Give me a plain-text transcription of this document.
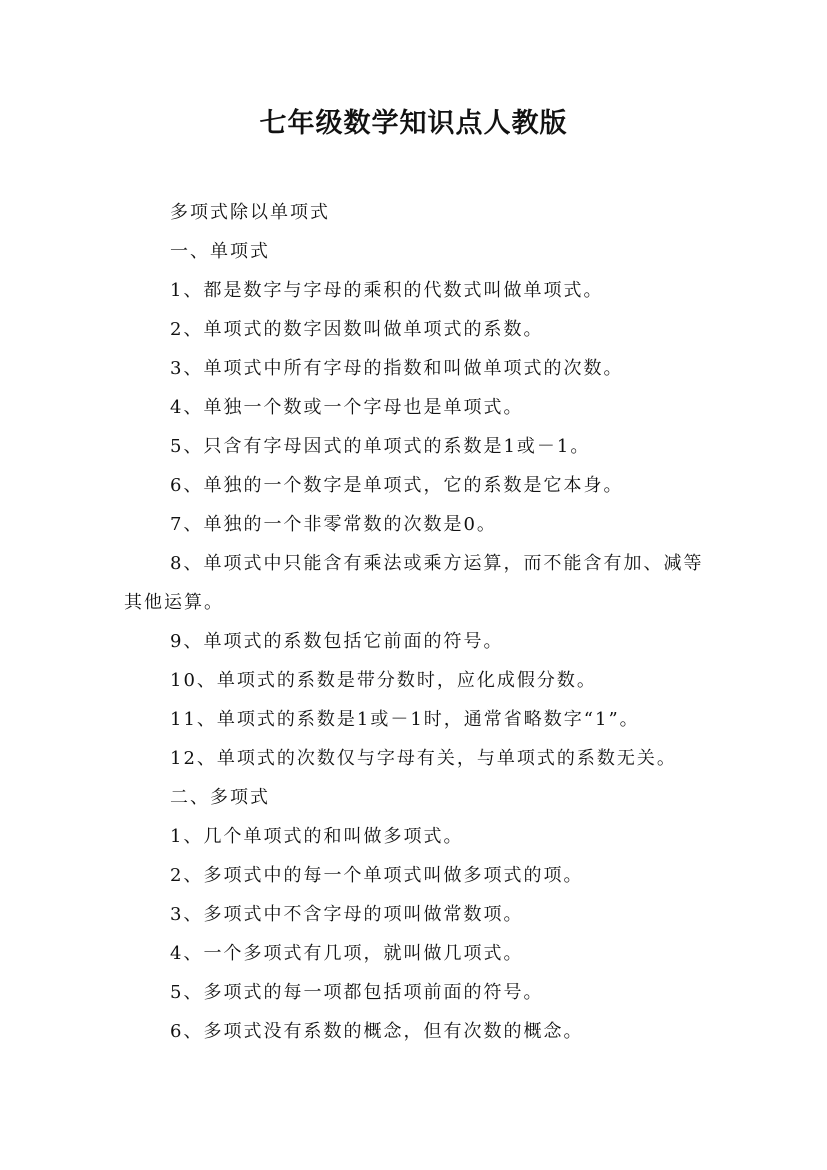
七年级数学知识点人教版
多项式除以单项式
一、单项式
1、都是数字与字母的乘积的代数式叫做单项式。
2、单项式的数字因数叫做单项式的系数。
3、单项式中所有字母的指数和叫做单项式的次数。
4、单独一个数或一个字母也是单项式。
5、只含有字母因式的单项式的系数是1或－1。
6、单独的一个数字是单项式，它的系数是它本身。
7、单独的一个非零常数的次数是0。
8、单项式中只能含有乘法或乘方运算，而不能含有加、减等其他运算。
9、单项式的系数包括它前面的符号。
10、单项式的系数是带分数时，应化成假分数。
11、单项式的系数是1或－1时，通常省略数字“1”。
12、单项式的次数仅与字母有关，与单项式的系数无关。
二、多项式
1、几个单项式的和叫做多项式。
2、多项式中的每一个单项式叫做多项式的项。
3、多项式中不含字母的项叫做常数项。
4、一个多项式有几项，就叫做几项式。
5、多项式的每一项都包括项前面的符号。
6、多项式没有系数的概念，但有次数的概念。
